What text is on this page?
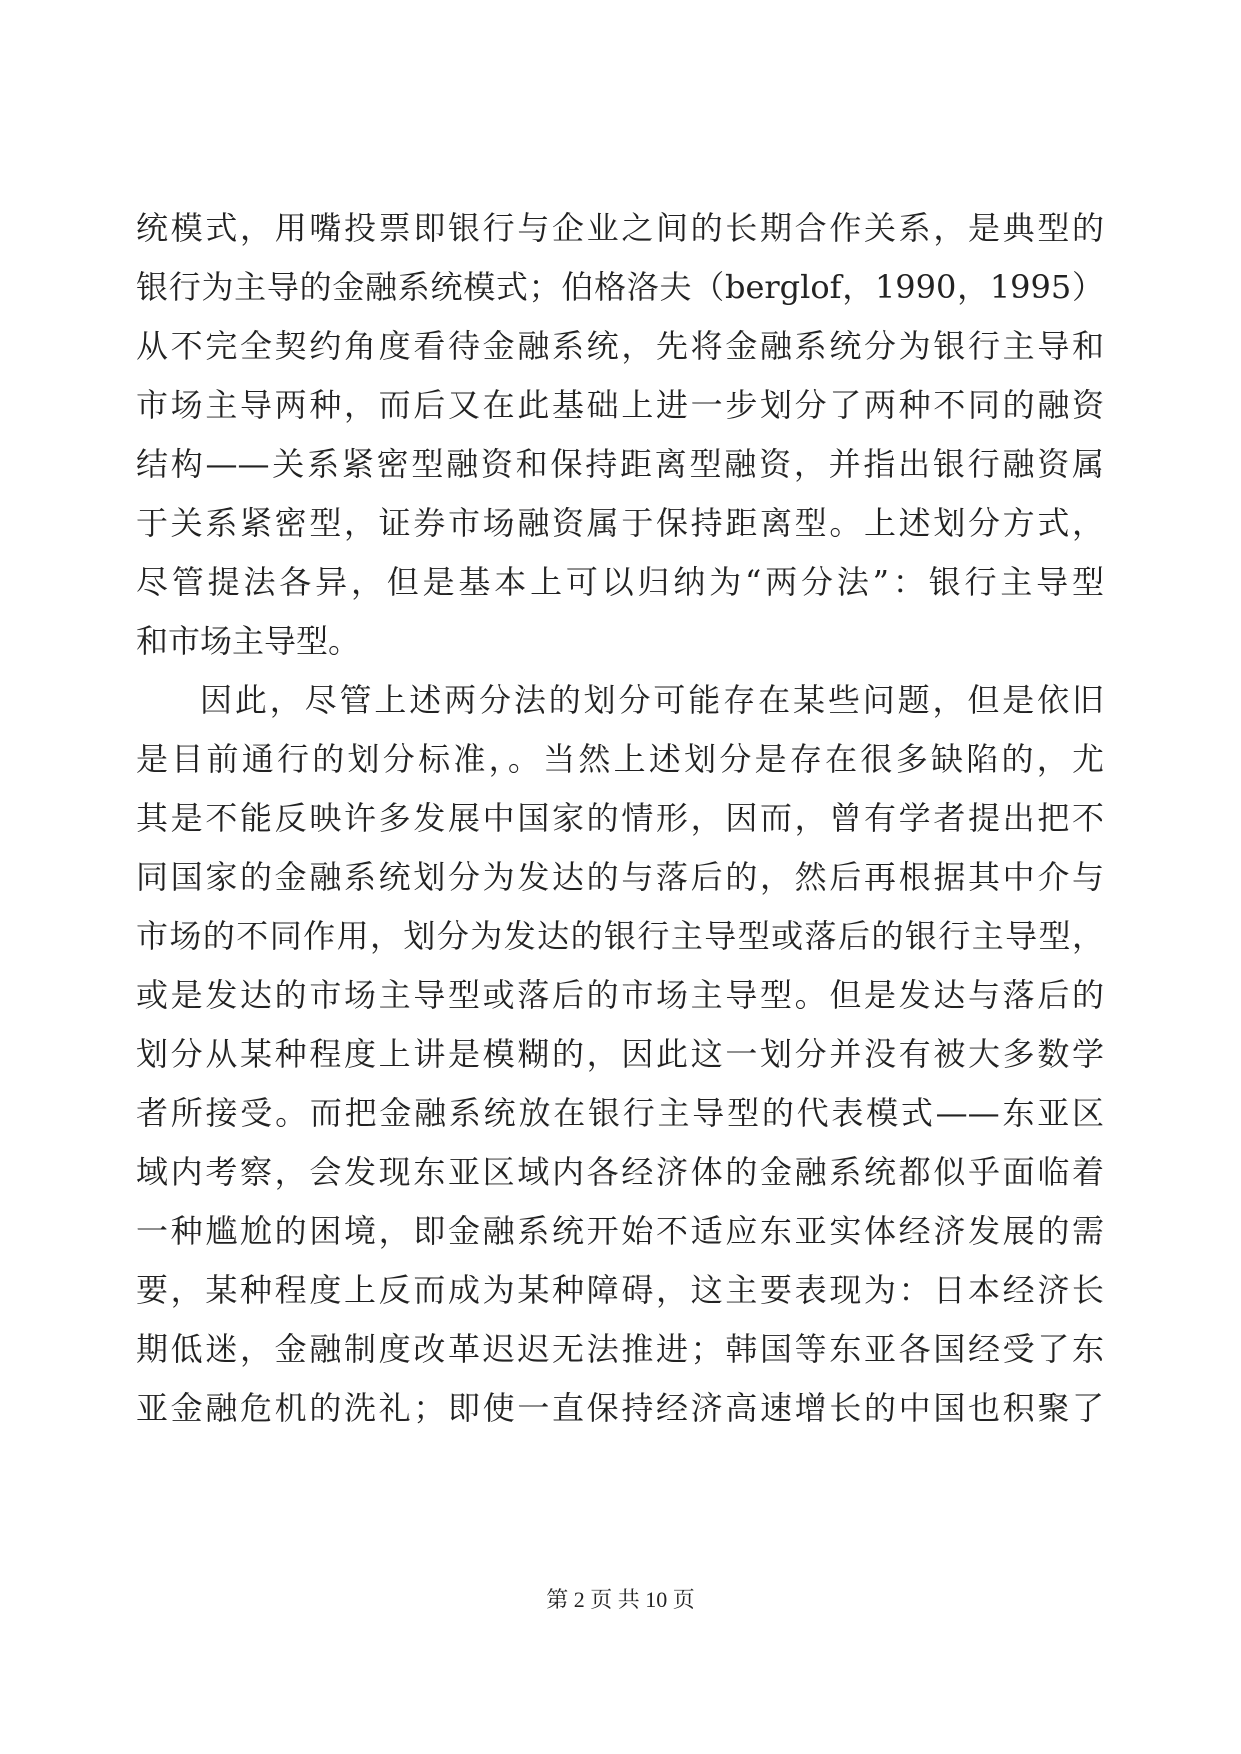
统模式，用嘴投票即银行与企业之间的长期合作关系，是典型的
银行为主导的金融系统模式；伯格洛夫（berglof，1990，1995）
从不完全契约角度看待金融系统，先将金融系统分为银行主导和
市场主导两种，而后又在此基础上进一步划分了两种不同的融资
结构——关系紧密型融资和保持距离型融资，并指出银行融资属
于关系紧密型，证券市场融资属于保持距离型。上述划分方式，
尽管提法各异，但是基本上可以归纳为“两分法”：银行主导型
和市场主导型。
因此，尽管上述两分法的划分可能存在某些问题，但是依旧
是目前通行的划分标准，。当然上述划分是存在很多缺陷的，尤
其是不能反映许多发展中国家的情形，因而，曾有学者提出把不
同国家的金融系统划分为发达的与落后的，然后再根据其中介与
市场的不同作用，划分为发达的银行主导型或落后的银行主导型，
或是发达的市场主导型或落后的市场主导型。但是发达与落后的
划分从某种程度上讲是模糊的，因此这一划分并没有被大多数学
者所接受。而把金融系统放在银行主导型的代表模式——东亚区
域内考察，会发现东亚区域内各经济体的金融系统都似乎面临着
一种尴尬的困境，即金融系统开始不适应东亚实体经济发展的需
要，某种程度上反而成为某种障碍，这主要表现为：日本经济长
期低迷，金融制度改革迟迟无法推进；韩国等东亚各国经受了东
亚金融危机的洗礼；即使一直保持经济高速增长的中国也积聚了
第 2 页 共 10 页
